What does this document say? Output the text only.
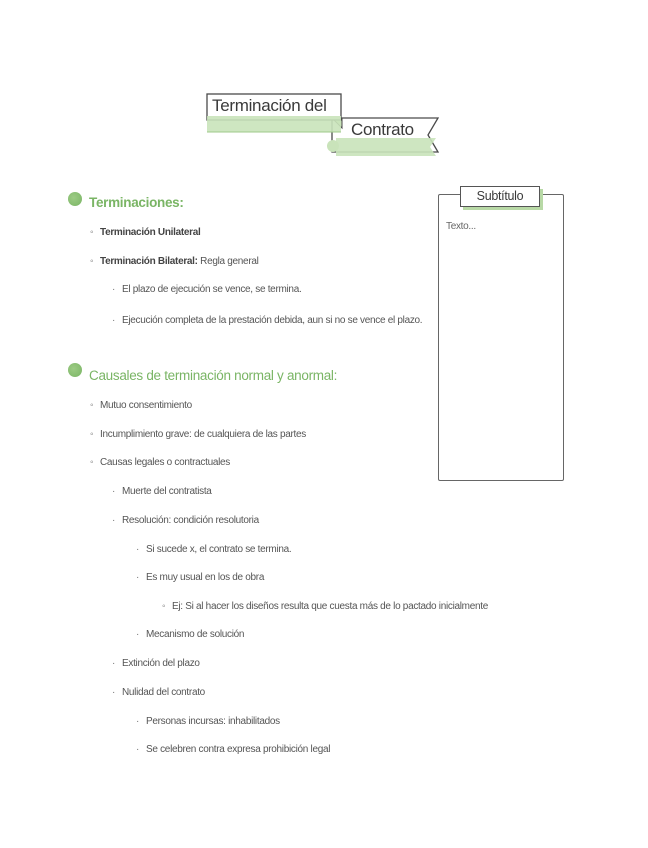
Terminación del
Contrato
Terminaciones:
◦ Terminación Unilateral
◦ Terminación Bilateral: Regla general
· El plazo de ejecución se vence, se termina.
· Ejecución completa de la prestación debida, aun si no se vence el plazo.
Causales de terminación normal y anormal:
◦ Mutuo consentimiento
◦ Incumplimiento grave: de cualquiera de las partes
◦ Causas legales o contractuales
· Muerte del contratista
· Resolución: condición resolutoria
· Si sucede x, el contrato se termina.
· Es muy usual en los de obra
◦ Ej: Si al hacer los diseños resulta que cuesta más de lo pactado inicialmente
· Mecanismo de solución
· Extinción del plazo
· Nulidad del contrato
· Personas incursas: inhabilitados
· Se celebren contra expresa prohibición legal
Subtítulo
Texto...
